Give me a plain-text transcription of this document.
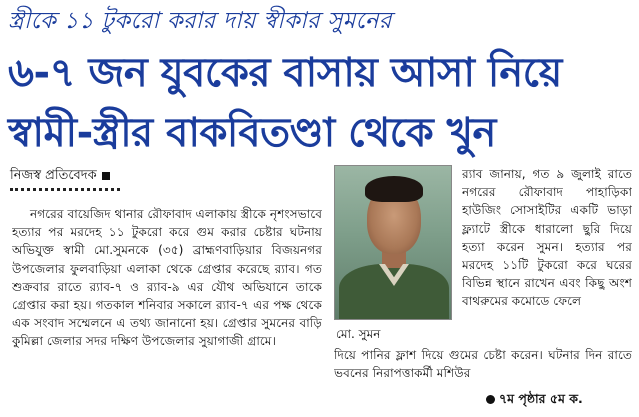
স্ত্রীকে ১১ টুকরো করার দায় স্বীকার সুমনের
৬-৭ জন যুবকের বাসায় আসা নিয়ে
স্বামী-স্ত্রীর বাকবিতণ্ডা থেকে খুন
নিজস্ব প্রতিবেদক
নগরের বায়েজিদ থানার রৌফাবাদ এলাকায় স্ত্রীকে নৃশংসভাবে হত্যার পর মরদেহ ১১ টুকরো করে গুম করার চেষ্টার ঘটনায় অভিযুক্ত স্বামী মো.সুমনকে (৩৫) ব্রাহ্মণবাড়িয়ার বিজয়নগর উপজেলার ফুলবাড়িয়া এলাকা থেকে গ্রেপ্তার করেছে র‍্যাব। গত শুক্রবার রাতে র‍্যাব-৭ ও র‍্যাব-৯ এর যৌথ অভিযানে তাকে গ্রেপ্তার করা হয়। গতকাল শনিবার সকালে র‍্যাব-৭ এর পক্ষ থেকে এক সংবাদ সম্মেলনে এ তথ্য জানানো হয়। গ্রেপ্তার সুমনের বাড়ি কুমিল্লা জেলার সদর দক্ষিণ উপজেলার সুয়াগাজী গ্রামে।
মো. সুমন
র‍্যাব জানায়, গত ৯ জুলাই রাতে নগরের রৌফাবাদ পাহাড়িকা হাউজিং সোসাইটির একটি ভাড়া ফ্ল্যাটে স্ত্রীকে ধারালো ছুরি দিয়ে হত্যা করেন সুমন। হত্যার পর মরদেহ ১১টি টুকরো করে ঘরের বিভিন্ন স্থানে রাখেন এবং কিছু অংশ বাথরুমের কমোডে ফেলে
দিয়ে পানির ফ্লাশ দিয়ে গুমের চেষ্টা করেন। ঘটনার দিন রাতে ভবনের নিরাপত্তাকর্মী মশিউর
৭ম পৃষ্ঠার ৫ম ক.
